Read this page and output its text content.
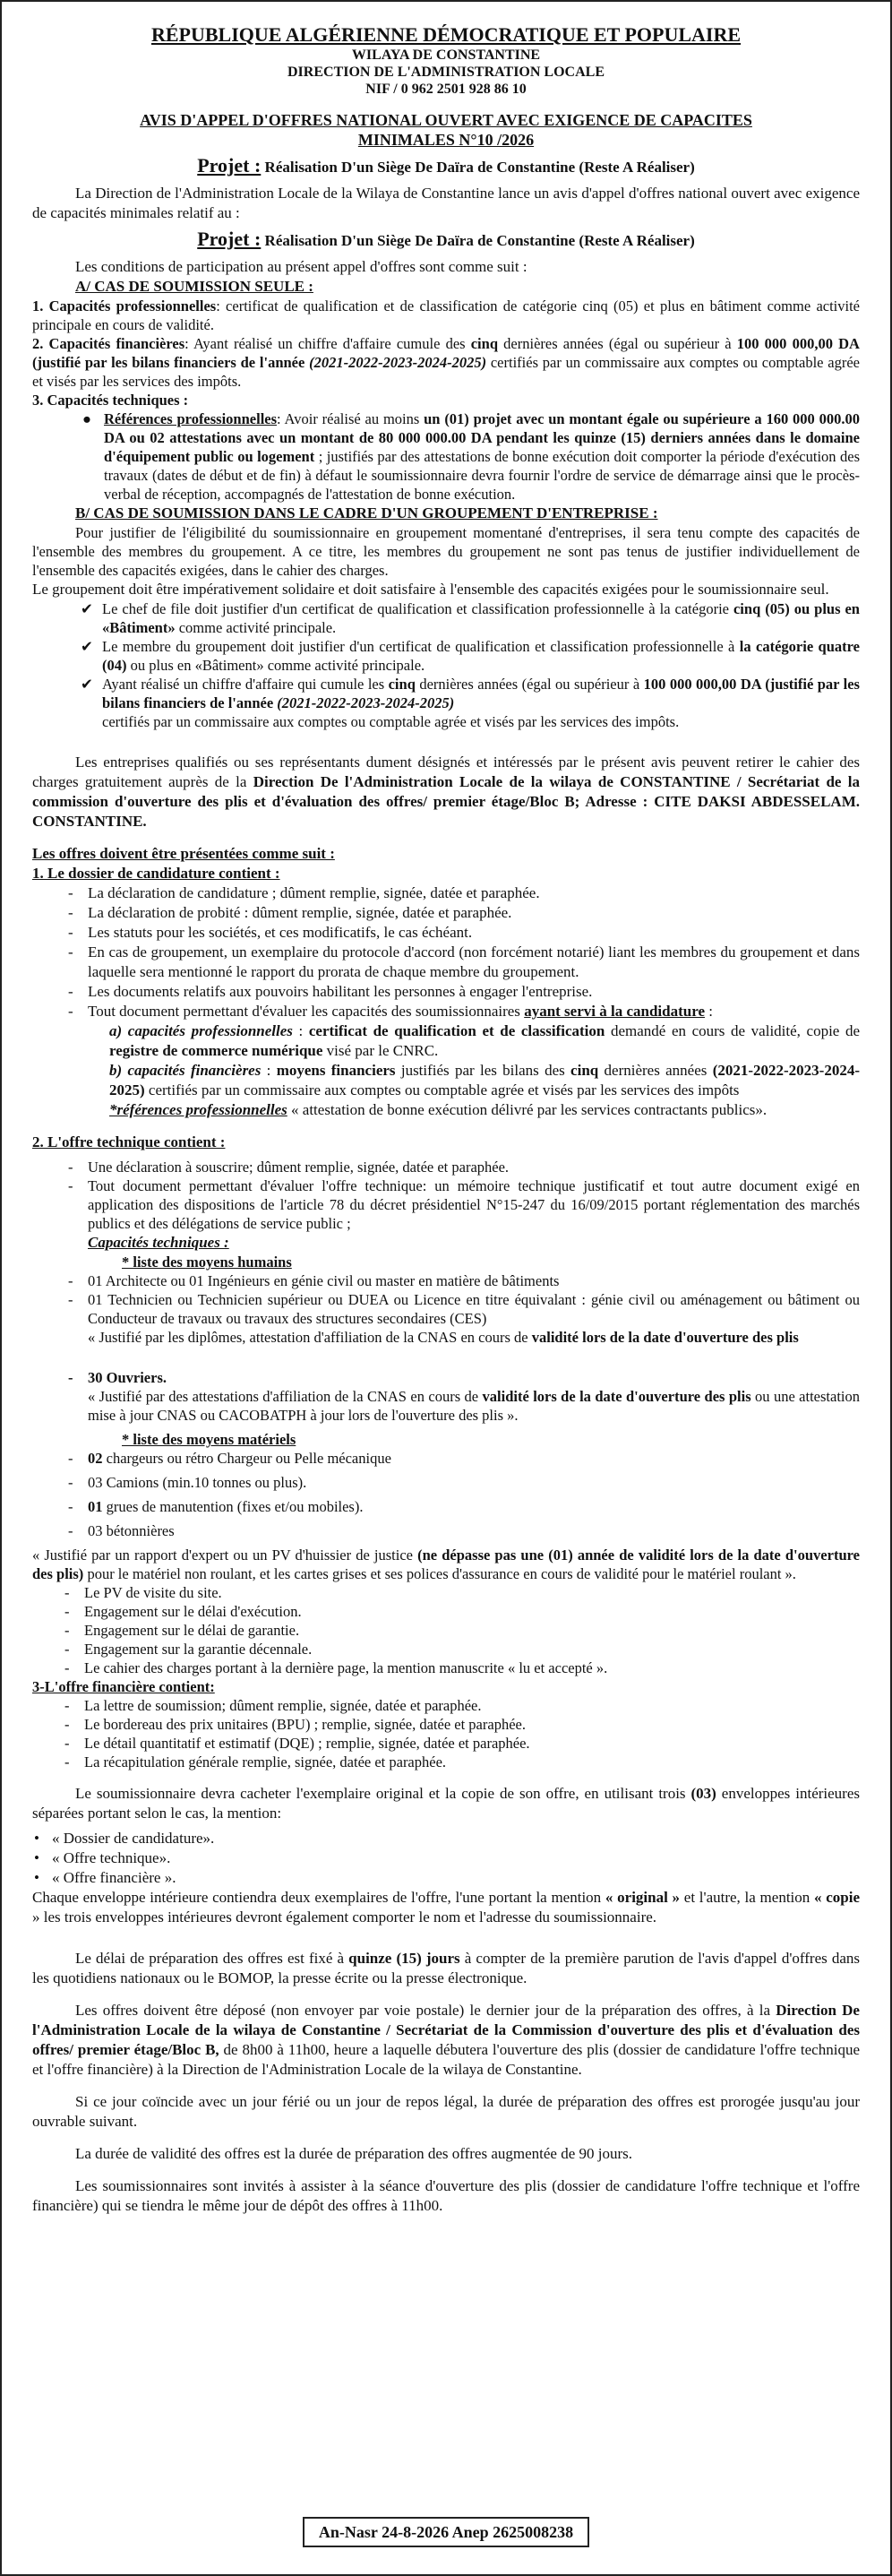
RÉPUBLIQUE ALGÉRIENNE DÉMOCRATIQUE ET POPULAIRE

WILAYA DE CONSTANTINE

DIRECTION DE L'ADMINISTRATION LOCALE

NIF / 0 962 2501 928 86 10

AVIS D'APPEL D'OFFRES NATIONAL OUVERT AVEC EXIGENCE DE CAPACITES

MINIMALES N°10 /2026

Projet : Réalisation D'un Siège De Daïra de Constantine (Reste A Réaliser)

La Direction de l'Administration Locale de la Wilaya de Constantine lance un avis d'appel d'offres national ouvert avec exigence de capacités minimales relatif au :

Projet : Réalisation D'un Siège De Daïra de Constantine (Reste A Réaliser)

Les conditions de participation au présent appel d'offres sont comme suit :

A/ CAS DE SOUMISSION SEULE :

1. Capacités professionnelles: certificat de qualification et de classification de catégorie cinq (05) et plus en bâtiment comme activité principale en cours de validité.

2. Capacités financières: Ayant réalisé un chiffre d'affaire cumule des cinq dernières années (égal ou supérieur à 100 000 000,00 DA (justifié par les bilans financiers de l'année (2021-2022-2023-2024-2025) certifiés par un commissaire aux comptes ou comptable agrée et visés par les services des impôts.

3. Capacités techniques :

● Références professionnelles: Avoir réalisé au moins un (01) projet avec un montant égale ou supérieure a 160 000 000.00 DA ou 02 attestations avec un montant de 80 000 000.00 DA pendant les quinze (15) derniers années dans le domaine d'équipement public ou logement ; justifiés par des attestations de bonne exécution doit comporter la période d'exécution des travaux (dates de début et de fin) à défaut le soumissionnaire devra fournir l'ordre de service de démarrage ainsi que le procès-verbal de réception, accompagnés de l'attestation de bonne exécution.

B/ CAS DE SOUMISSION DANS LE CADRE D'UN GROUPEMENT D'ENTREPRISE :

Pour justifier de l'éligibilité du soumissionnaire en groupement momentané d'entreprises, il sera tenu compte des capacités de l'ensemble des membres du groupement. A ce titre, les membres du groupement ne sont pas tenus de justifier individuellement de l'ensemble des capacités exigées, dans le cahier des charges.

Le groupement doit être impérativement solidaire et doit satisfaire à l'ensemble des capacités exigées pour le soumissionnaire seul.

✔ Le chef de file doit justifier d'un certificat de qualification et classification professionnelle à la catégorie cinq (05) ou plus en «Bâtiment» comme activité principale.

✔ Le membre du groupement doit justifier d'un certificat de qualification et classification professionnelle à la catégorie quatre (04) ou plus en «Bâtiment» comme activité principale.

✔ Ayant réalisé un chiffre d'affaire qui cumule les cinq dernières années (égal ou supérieur à 100 000 000,00 DA (justifié par les bilans financiers de l'année (2021-2022-2023-2024-2025)
certifiés par un commissaire aux comptes ou comptable agrée et visés par les services des impôts.

Les entreprises qualifiés ou ses représentants dument désignés et intéressés par le présent avis peuvent retirer le cahier des charges gratuitement auprès de la Direction De l'Administration Locale de la wilaya de CONSTANTINE / Secrétariat de la commission d'ouverture des plis et d'évaluation des offres/ premier étage/Bloc B; Adresse : CITE DAKSI ABDESSELAM. CONSTANTINE.

Les offres doivent être présentées comme suit :

1. Le dossier de candidature contient :

- La déclaration de candidature ; dûment remplie, signée, datée et paraphée.

- La déclaration de probité : dûment remplie, signée, datée et paraphée.

- Les statuts pour les sociétés, et ces modificatifs, le cas échéant.

- En cas de groupement, un exemplaire du protocole d'accord (non forcément notarié) liant les membres du groupement et dans laquelle sera mentionné le rapport du prorata de chaque membre du groupement.

- Les documents relatifs aux pouvoirs habilitant les personnes à engager l'entreprise.

- Tout document permettant d'évaluer les capacités des soumissionnaires ayant servi à la candidature :

a) capacités professionnelles : certificat de qualification et de classification demandé en cours de validité, copie de registre de commerce numérique visé par le CNRC.

b) capacités financières : moyens financiers justifiés par les bilans des cinq dernières années (2021-2022-2023-2024-2025) certifiés par un commissaire aux comptes ou comptable agrée et visés par les services des impôts

*références professionnelles « attestation de bonne exécution délivré par les services contractants publics».

2. L'offre technique contient :

- Une déclaration à souscrire; dûment remplie, signée, datée et paraphée.

- Tout document permettant d'évaluer l'offre technique: un mémoire technique justificatif et tout autre document exigé en application des dispositions de l'article 78 du décret présidentiel N°15-247 du 16/09/2015 portant réglementation des marchés publics et des délégations de service public ;

Capacités techniques :

* liste des moyens humains

- 01 Architecte ou 01 Ingénieurs en génie civil ou master en matière de bâtiments

- 01 Technicien ou Technicien supérieur ou DUEA ou Licence en titre équivalant : génie civil ou aménagement ou bâtiment ou Conducteur de travaux ou travaux des structures secondaires (CES)
« Justifié par les diplômes, attestation d'affiliation de la CNAS en cours de validité lors de la date d'ouverture des plis

- 30 Ouvriers.

« Justifié par des attestations d'affiliation de la CNAS en cours de validité lors de la date d'ouverture des plis ou une attestation mise à jour CNAS ou CACOBATPH à jour lors de l'ouverture des plis ».

* liste des moyens matériels

- 02 chargeurs ou rétro Chargeur ou Pelle mécanique

- 03 Camions (min.10 tonnes ou plus).

- 01 grues de manutention (fixes et/ou mobiles).

- 03 bétonnières

« Justifié par un rapport d'expert ou un PV d'huissier de justice (ne dépasse pas une (01) année de validité lors de la date d'ouverture des plis) pour le matériel non roulant, et les cartes grises et ses polices d'assurance en cours de validité pour le matériel roulant ».

- Le PV de visite du site.

- Engagement sur le délai d'exécution.

- Engagement sur le délai de garantie.

- Engagement sur la garantie décennale.

- Le cahier des charges portant à la dernière page, la mention manuscrite « lu et accepté ».

3-L'offre financière contient:

- La lettre de soumission; dûment remplie, signée, datée et paraphée.

- Le bordereau des prix unitaires (BPU) ; remplie, signée, datée et paraphée.

- Le détail quantitatif et estimatif (DQE) ; remplie, signée, datée et paraphée.

- La récapitulation générale remplie, signée, datée et paraphée.

Le soumissionnaire devra cacheter l'exemplaire original et la copie de son offre, en utilisant trois (03) enveloppes intérieures séparées portant selon le cas, la mention:

• « Dossier de candidature».

• « Offre technique».

• « Offre financière ».

Chaque enveloppe intérieure contiendra deux exemplaires de l'offre, l'une portant la mention « original » et l'autre, la mention « copie » les trois enveloppes intérieures devront également comporter le nom et l'adresse du soumissionnaire.

Le délai de préparation des offres est fixé à quinze (15) jours à compter de la première parution de l'avis d'appel d'offres dans les quotidiens nationaux ou le BOMOP, la presse écrite ou la presse électronique.

Les offres doivent être déposé (non envoyer par voie postale) le dernier jour de la préparation des offres, à la Direction De l'Administration Locale de la wilaya de Constantine / Secrétariat de la Commission d'ouverture des plis et d'évaluation des offres/ premier étage/Bloc B, de 8h00 à 11h00, heure a laquelle débutera l'ouverture des plis (dossier de candidature l'offre technique et l'offre financière) à la Direction de l'Administration Locale de la wilaya de Constantine.

Si ce jour coïncide avec un jour férié ou un jour de repos légal, la durée de préparation des offres est prorogée jusqu'au jour ouvrable suivant.

La durée de validité des offres est la durée de préparation des offres augmentée de 90 jours.

Les soumissionnaires sont invités à assister à la séance d'ouverture des plis (dossier de candidature l'offre technique et l'offre financière) qui se tiendra le même jour de dépôt des offres à 11h00.

An-Nasr 24-8-2026 Anep 2625008238
